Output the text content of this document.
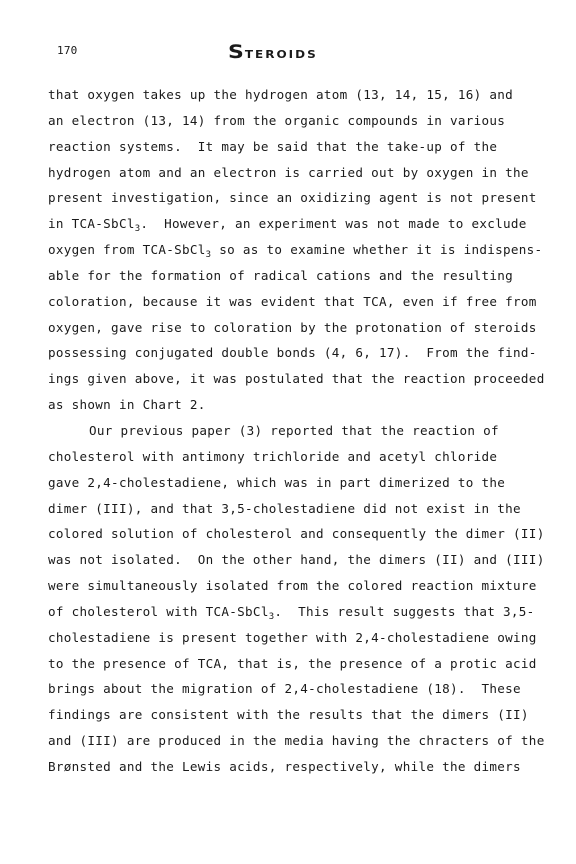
170	STEROIDS
that oxygen takes up the hydrogen atom (13, 14, 15, 16) and
an electron (13, 14) from the organic compounds in various
reaction systems.  It may be said that the take-up of the
hydrogen atom and an electron is carried out by oxygen in the
present investigation, since an oxidizing agent is not present
in TCA-SbCl$_3$.  However, an experiment was not made to exclude
oxygen from TCA-SbCl$_3$ so as to examine whether it is indispens-
able for the formation of radical cations and the resulting
coloration, because it was evident that TCA, even if free from
oxygen, gave rise to coloration by the protonation of steroids
possessing conjugated double bonds (4, 6, 17).  From the find-
ings given above, it was postulated that the reaction proceeded
as shown in Chart 2.
Our previous paper (3) reported that the reaction of
cholesterol with antimony trichloride and acetyl chloride
gave 2,4-cholestadiene, which was in part dimerized to the
dimer (III), and that 3,5-cholestadiene did not exist in the
colored solution of cholesterol and consequently the dimer (II)
was not isolated.  On the other hand, the dimers (II) and (III)
were simultaneously isolated from the colored reaction mixture
of cholesterol with TCA-SbCl$_3$.  This result suggests that 3,5-
cholestadiene is present together with 2,4-cholestadiene owing
to the presence of TCA, that is, the presence of a protic acid
brings about the migration of 2,4-cholestadiene (18).  These
findings are consistent with the results that the dimers (II)
and (III) are produced in the media having the chracters of the
Brønsted and the Lewis acids, respectively, while the dimers
